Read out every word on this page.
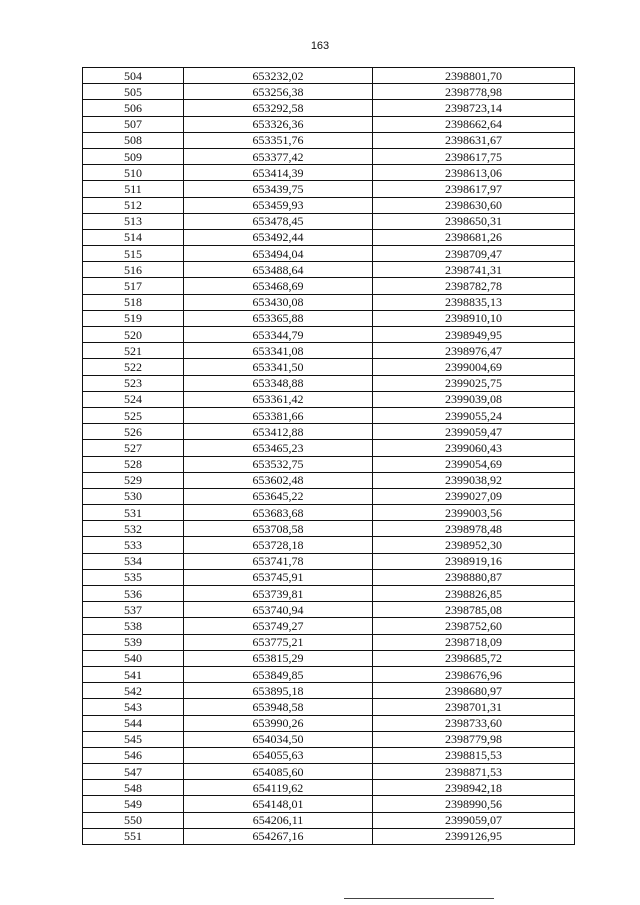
163
504	653232,02	2398801,70
505	653256,38	2398778,98
506	653292,58	2398723,14
507	653326,36	2398662,64
508	653351,76	2398631,67
509	653377,42	2398617,75
510	653414,39	2398613,06
511	653439,75	2398617,97
512	653459,93	2398630,60
513	653478,45	2398650,31
514	653492,44	2398681,26
515	653494,04	2398709,47
516	653488,64	2398741,31
517	653468,69	2398782,78
518	653430,08	2398835,13
519	653365,88	2398910,10
520	653344,79	2398949,95
521	653341,08	2398976,47
522	653341,50	2399004,69
523	653348,88	2399025,75
524	653361,42	2399039,08
525	653381,66	2399055,24
526	653412,88	2399059,47
527	653465,23	2399060,43
528	653532,75	2399054,69
529	653602,48	2399038,92
530	653645,22	2399027,09
531	653683,68	2399003,56
532	653708,58	2398978,48
533	653728,18	2398952,30
534	653741,78	2398919,16
535	653745,91	2398880,87
536	653739,81	2398826,85
537	653740,94	2398785,08
538	653749,27	2398752,60
539	653775,21	2398718,09
540	653815,29	2398685,72
541	653849,85	2398676,96
542	653895,18	2398680,97
543	653948,58	2398701,31
544	653990,26	2398733,60
545	654034,50	2398779,98
546	654055,63	2398815,53
547	654085,60	2398871,53
548	654119,62	2398942,18
549	654148,01	2398990,56
550	654206,11	2399059,07
551	654267,16	2399126,95
